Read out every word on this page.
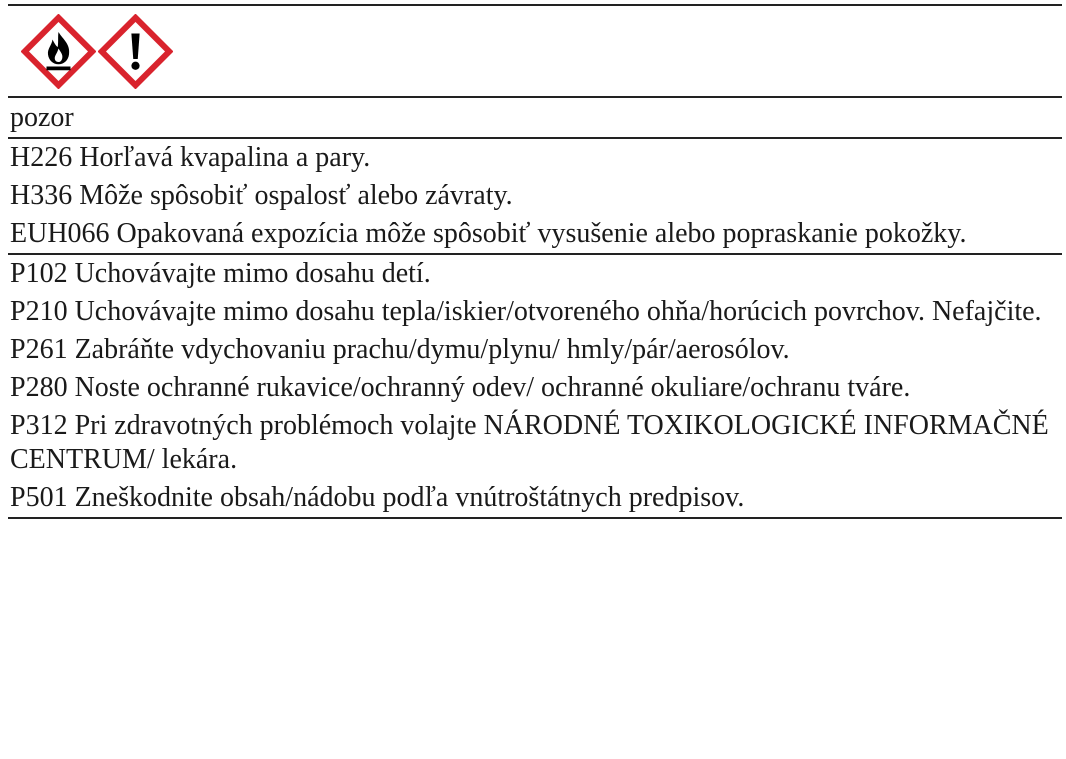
pozor

H226 Horľavá kvapalina a pary.

H336 Môže spôsobiť ospalosť alebo závraty.

EUH066 Opakovaná expozícia môže spôsobiť vysušenie alebo popraskanie pokožky.

P102 Uchovávajte mimo dosahu detí.

P210 Uchovávajte mimo dosahu tepla/iskier/otvoreného ohňa/horúcich povrchov. Nefajčite.

P261 Zabráňte vdychovaniu prachu/dymu/plynu/ hmly/pár/aerosólov.

P280 Noste ochranné rukavice/ochranný odev/ ochranné okuliare/ochranu tváre.

P312 Pri zdravotných problémoch volajte NÁRODNÉ TOXIKOLOGICKÉ INFORMAČNÉ CENTRUM/ lekára.

P501 Zneškodnite obsah/nádobu podľa vnútroštátnych predpisov.
